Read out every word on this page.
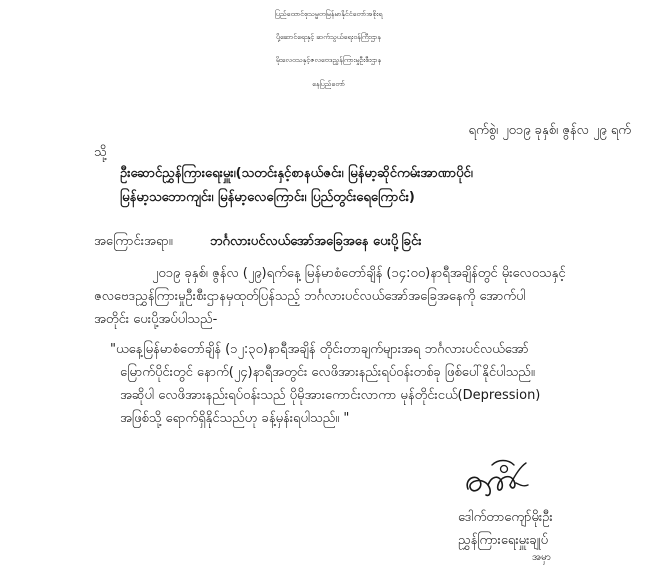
ပြည်ထောင်စုသမ္မတမြန်မာနိုင်ငံတော်အစိုးရ
ပို့ဆောင်ရေးနှင့် ဆက်သွယ်ရေးဝန်ကြီးဌာန
မိုးလေဝသနှင့်ဇလဗေဒညွှန်ကြားမှုဦးစီးဌာန
နေပြည်တော်
ရက်စွဲ၊ ၂၀၁၉ ခုနှစ်၊ ဇွန်လ ၂၉ ရက်
သို့
ဦးဆောင်ညွှန်ကြားရေးမှူး၊(သတင်းနှင့်စာနယ်ဇင်း၊ မြန်မာ့ဆိုင်ကမ်းအာဏာပိုင်၊
မြန်မာ့သဘောကျင်း၊ မြန်မာ့လေကြောင်း၊ ပြည်တွင်းရေကြောင်း)
အကြောင်းအရာ။	ဘင်္ဂလားပင်လယ်အော်အခြေအနေ ပေးပို့ခြင်း
၂၀၁၉ ခုနှစ်၊ ဇွန်လ (၂၉)ရက်နေ့ မြန်မာစံတော်ချိန် (၁၄:၀၀)နာရီအချိန်တွင် မိုးလေဝသနှင့်
ဇလဗေဒညွှန်ကြားမှုဦးစီးဌာနမှထုတ်ပြန်သည့် ဘင်္ဂလားပင်လယ်အော်အခြေအနေကို အောက်ပါ
အတိုင်း ပေးပို့အပ်ပါသည်-
"ယနေ့မြန်မာစံတော်ချိန် (၁၂:၃၀)နာရီအချိန် တိုင်းတာချက်များအရ ဘင်္ဂလားပင်လယ်အော်
မြောက်ပိုင်းတွင် နောက်(၂၄)နာရီအတွင်း လေဖိအားနည်းရပ်ဝန်းတစ်ခု ဖြစ်ပေါ်နိုင်ပါသည်။
အဆိုပါ လေဖိအားနည်းရပ်ဝန်းသည် ပိုမိုအားကောင်းလာကာ မုန်တိုင်းငယ်(Depression)
အဖြစ်သို့ ရောက်ရှိနိုင်သည်ဟု ခန့်မှန်းရပါသည်။ "
ဒေါက်တာကျော်မိုးဦး
ညွှန်ကြားရေးမှူးချုပ်
အမှာ
